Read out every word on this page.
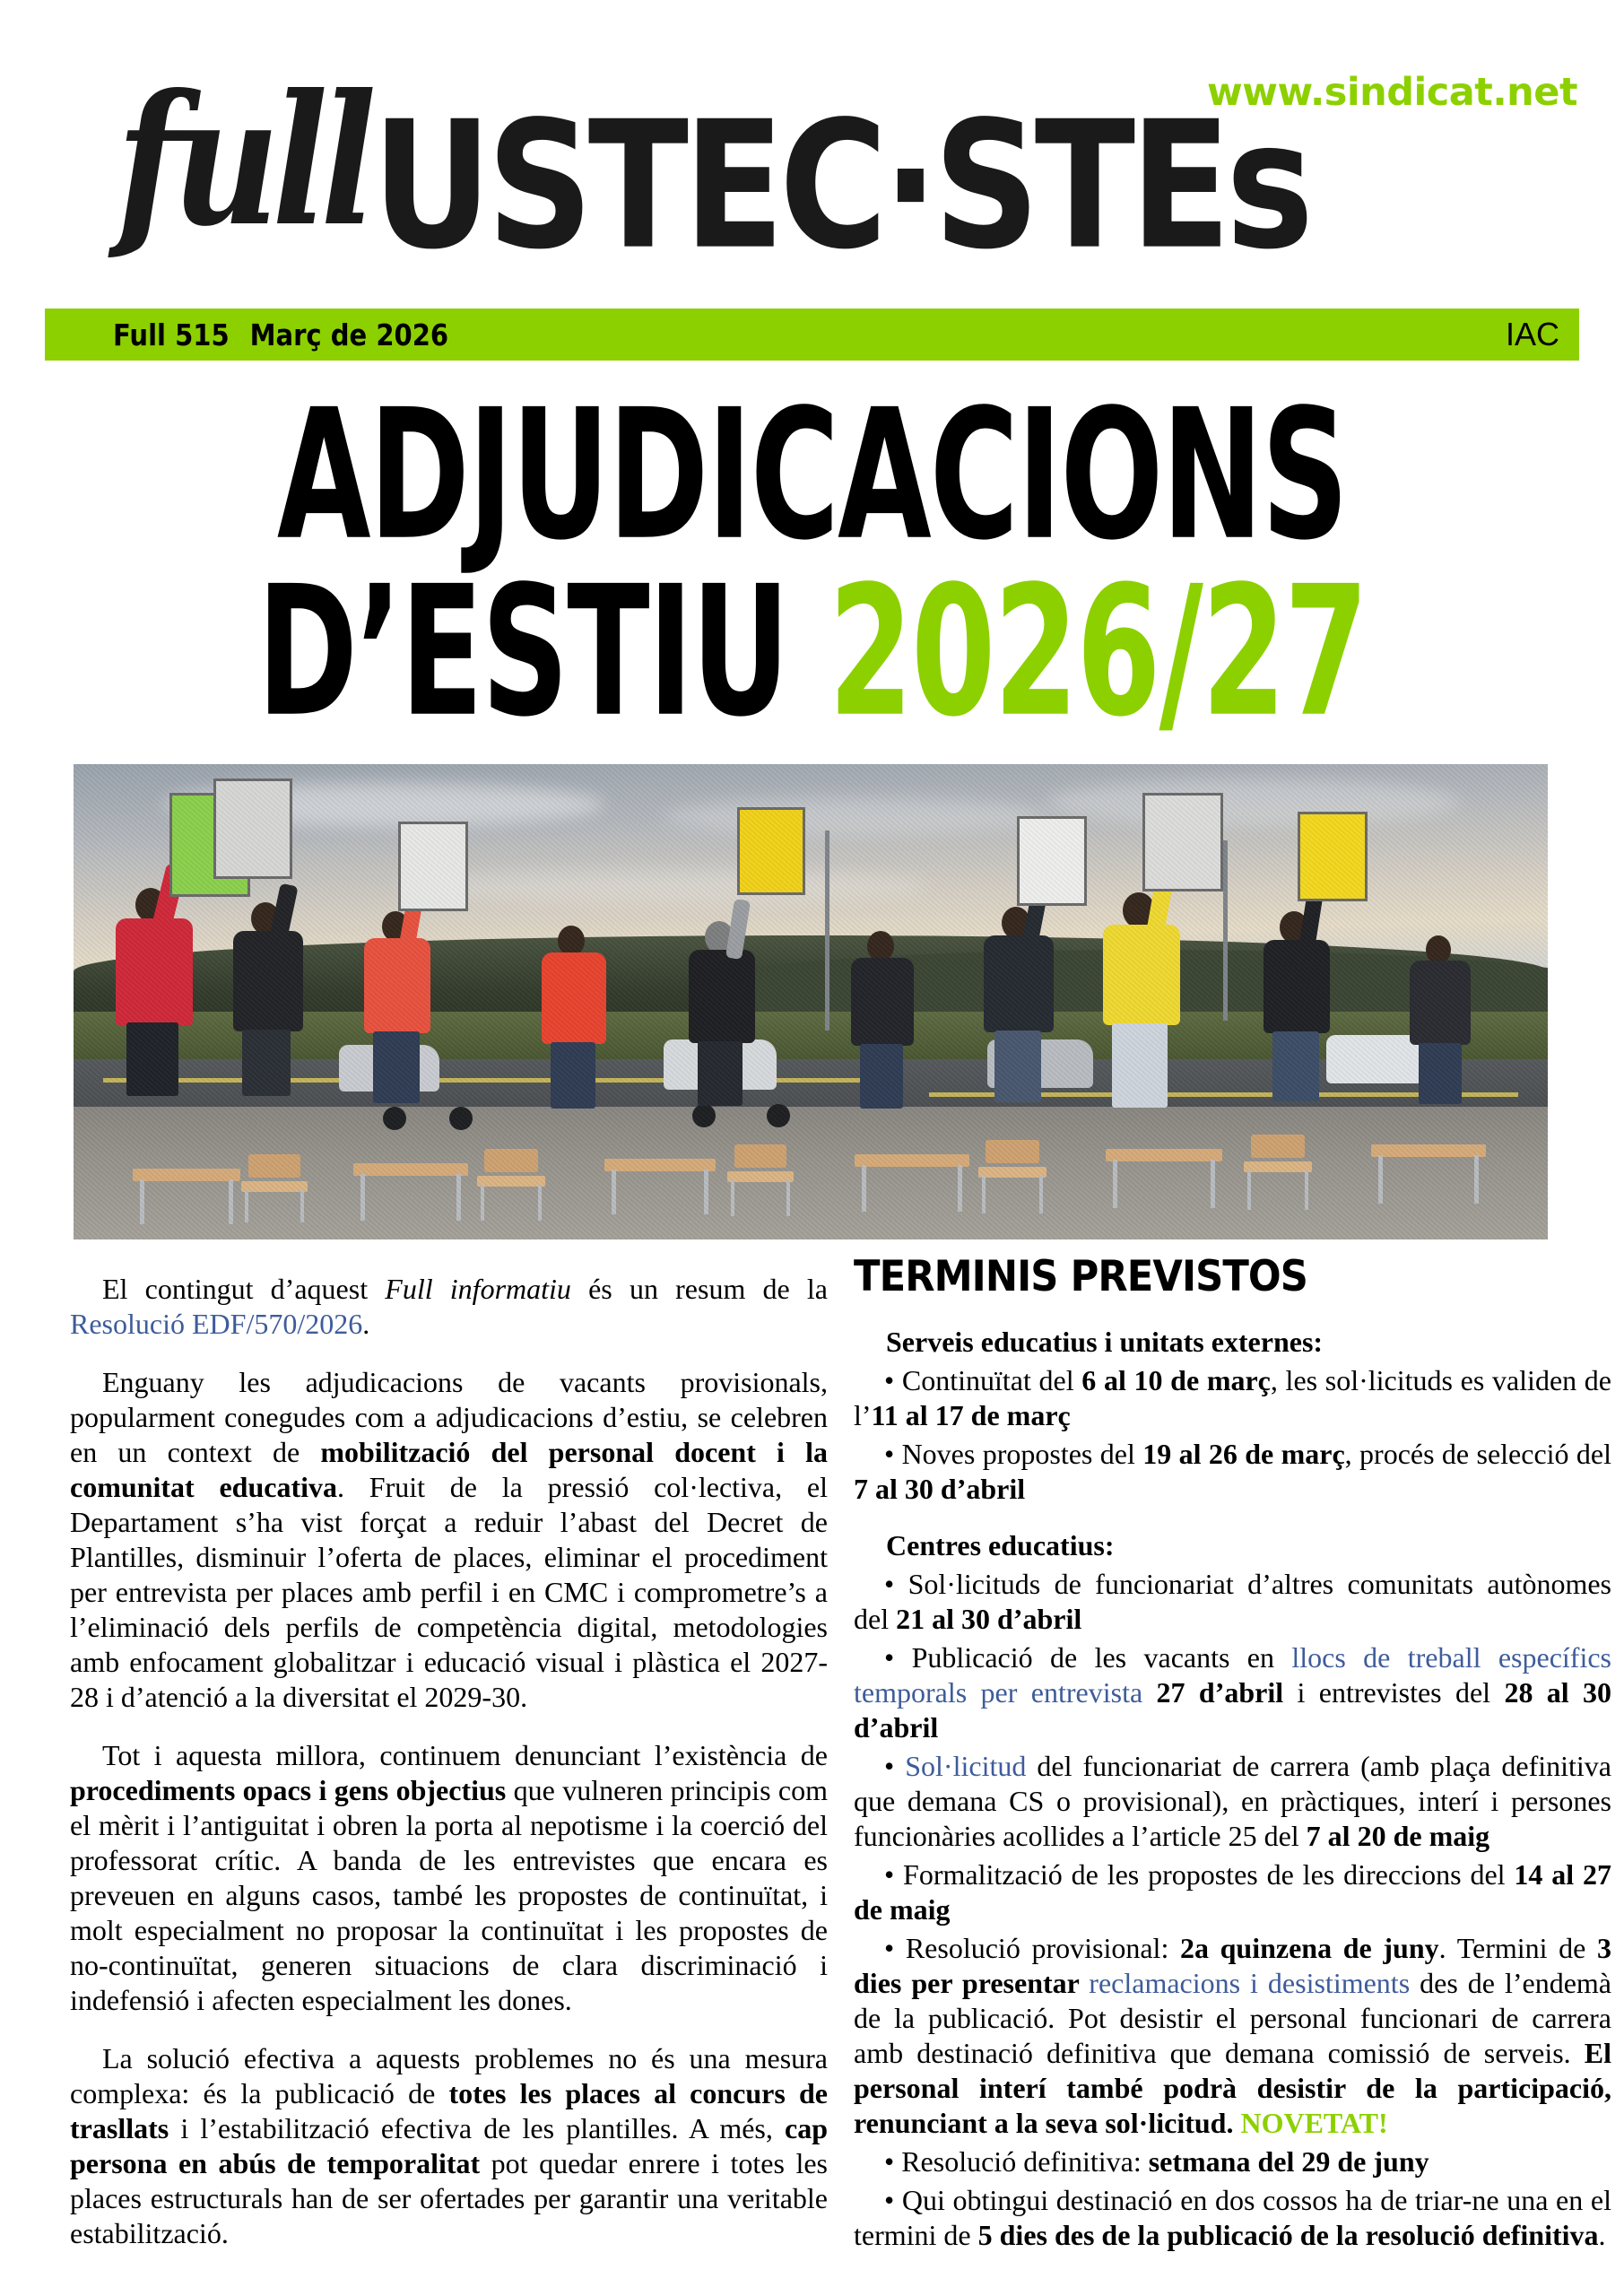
www.sindicat.net
full USTEC·STEs
Full 515 Març de 2026	IAC
ADJUDICACIONS
D’ESTIU 2026/27

El contingut d’aquest Full informatiu és un resum de la Resolució EDF/570/2026.

Enguany les adjudicacions de vacants provisionals, popularment conegudes com a adjudicacions d’estiu, se celebren en un context de mobilització del personal docent i la comunitat educativa. Fruit de la pressió col·lectiva, el Departament s’ha vist forçat a reduir l’abast del Decret de Plantilles, disminuir l’oferta de places, eliminar el procediment per entrevista per places amb perfil i en CMC i comprometre’s a l’eliminació dels perfils de competència digital, metodologies amb enfocament globalitzar i educació visual i plàstica el 2027-28 i d’atenció a la diversitat el 2029-30.

Tot i aquesta millora, continuem denunciant l’existència de procediments opacs i gens objectius que vulneren principis com el mèrit i l’antiguitat i obren la porta al nepotisme i la coerció del professorat crític. A banda de les entrevistes que encara es preveuen en alguns casos, també les propostes de continuïtat, i molt especialment no proposar la continuïtat i les propostes de no-continuïtat, generen situacions de clara discriminació i indefensió i afecten especialment les dones.

La solució efectiva a aquests problemes no és una mesura complexa: és la publicació de totes les places al concurs de trasllats i l’estabilització efectiva de les plantilles. A més, cap persona en abús de temporalitat pot quedar enrere i totes les places estructurals han de ser ofertades per garantir una veritable estabilització.

TERMINIS PREVISTOS
Serveis educatius i unitats externes:

• Continuïtat del 6 al 10 de març, les sol·licituds es validen de l’11 al 17 de març

• Noves propostes del 19 al 26 de març, procés de selecció del 7 al 30 d’abril

Centres educatius:

• Sol·licituds de funcionariat d’altres comunitats autònomes del 21 al 30 d’abril

• Publicació de les vacants en llocs de treball específics temporals per entrevista 27 d’abril i entrevistes del 28 al 30 d’abril

• Sol·licitud del funcionariat de carrera (amb plaça definitiva que demana CS o provisional), en pràctiques, interí i persones funcionàries acollides a l’article 25 del 7 al 20 de maig

• Formalització de les propostes de les direccions del 14 al 27 de maig

• Resolució provisional: 2a quinzena de juny. Termini de 3 dies per presentar reclamacions i desistiments des de l’endemà de la publicació. Pot desistir el personal funcionari de carrera amb destinació definitiva que demana comissió de serveis. El personal interí també podrà desistir de la participació, renunciant a la seva sol·licitud. NOVETAT!

• Resolució definitiva: setmana del 29 de juny

• Qui obtingui destinació en dos cossos ha de triar-ne una en el termini de 5 dies des de la publicació de la resolució definitiva.
